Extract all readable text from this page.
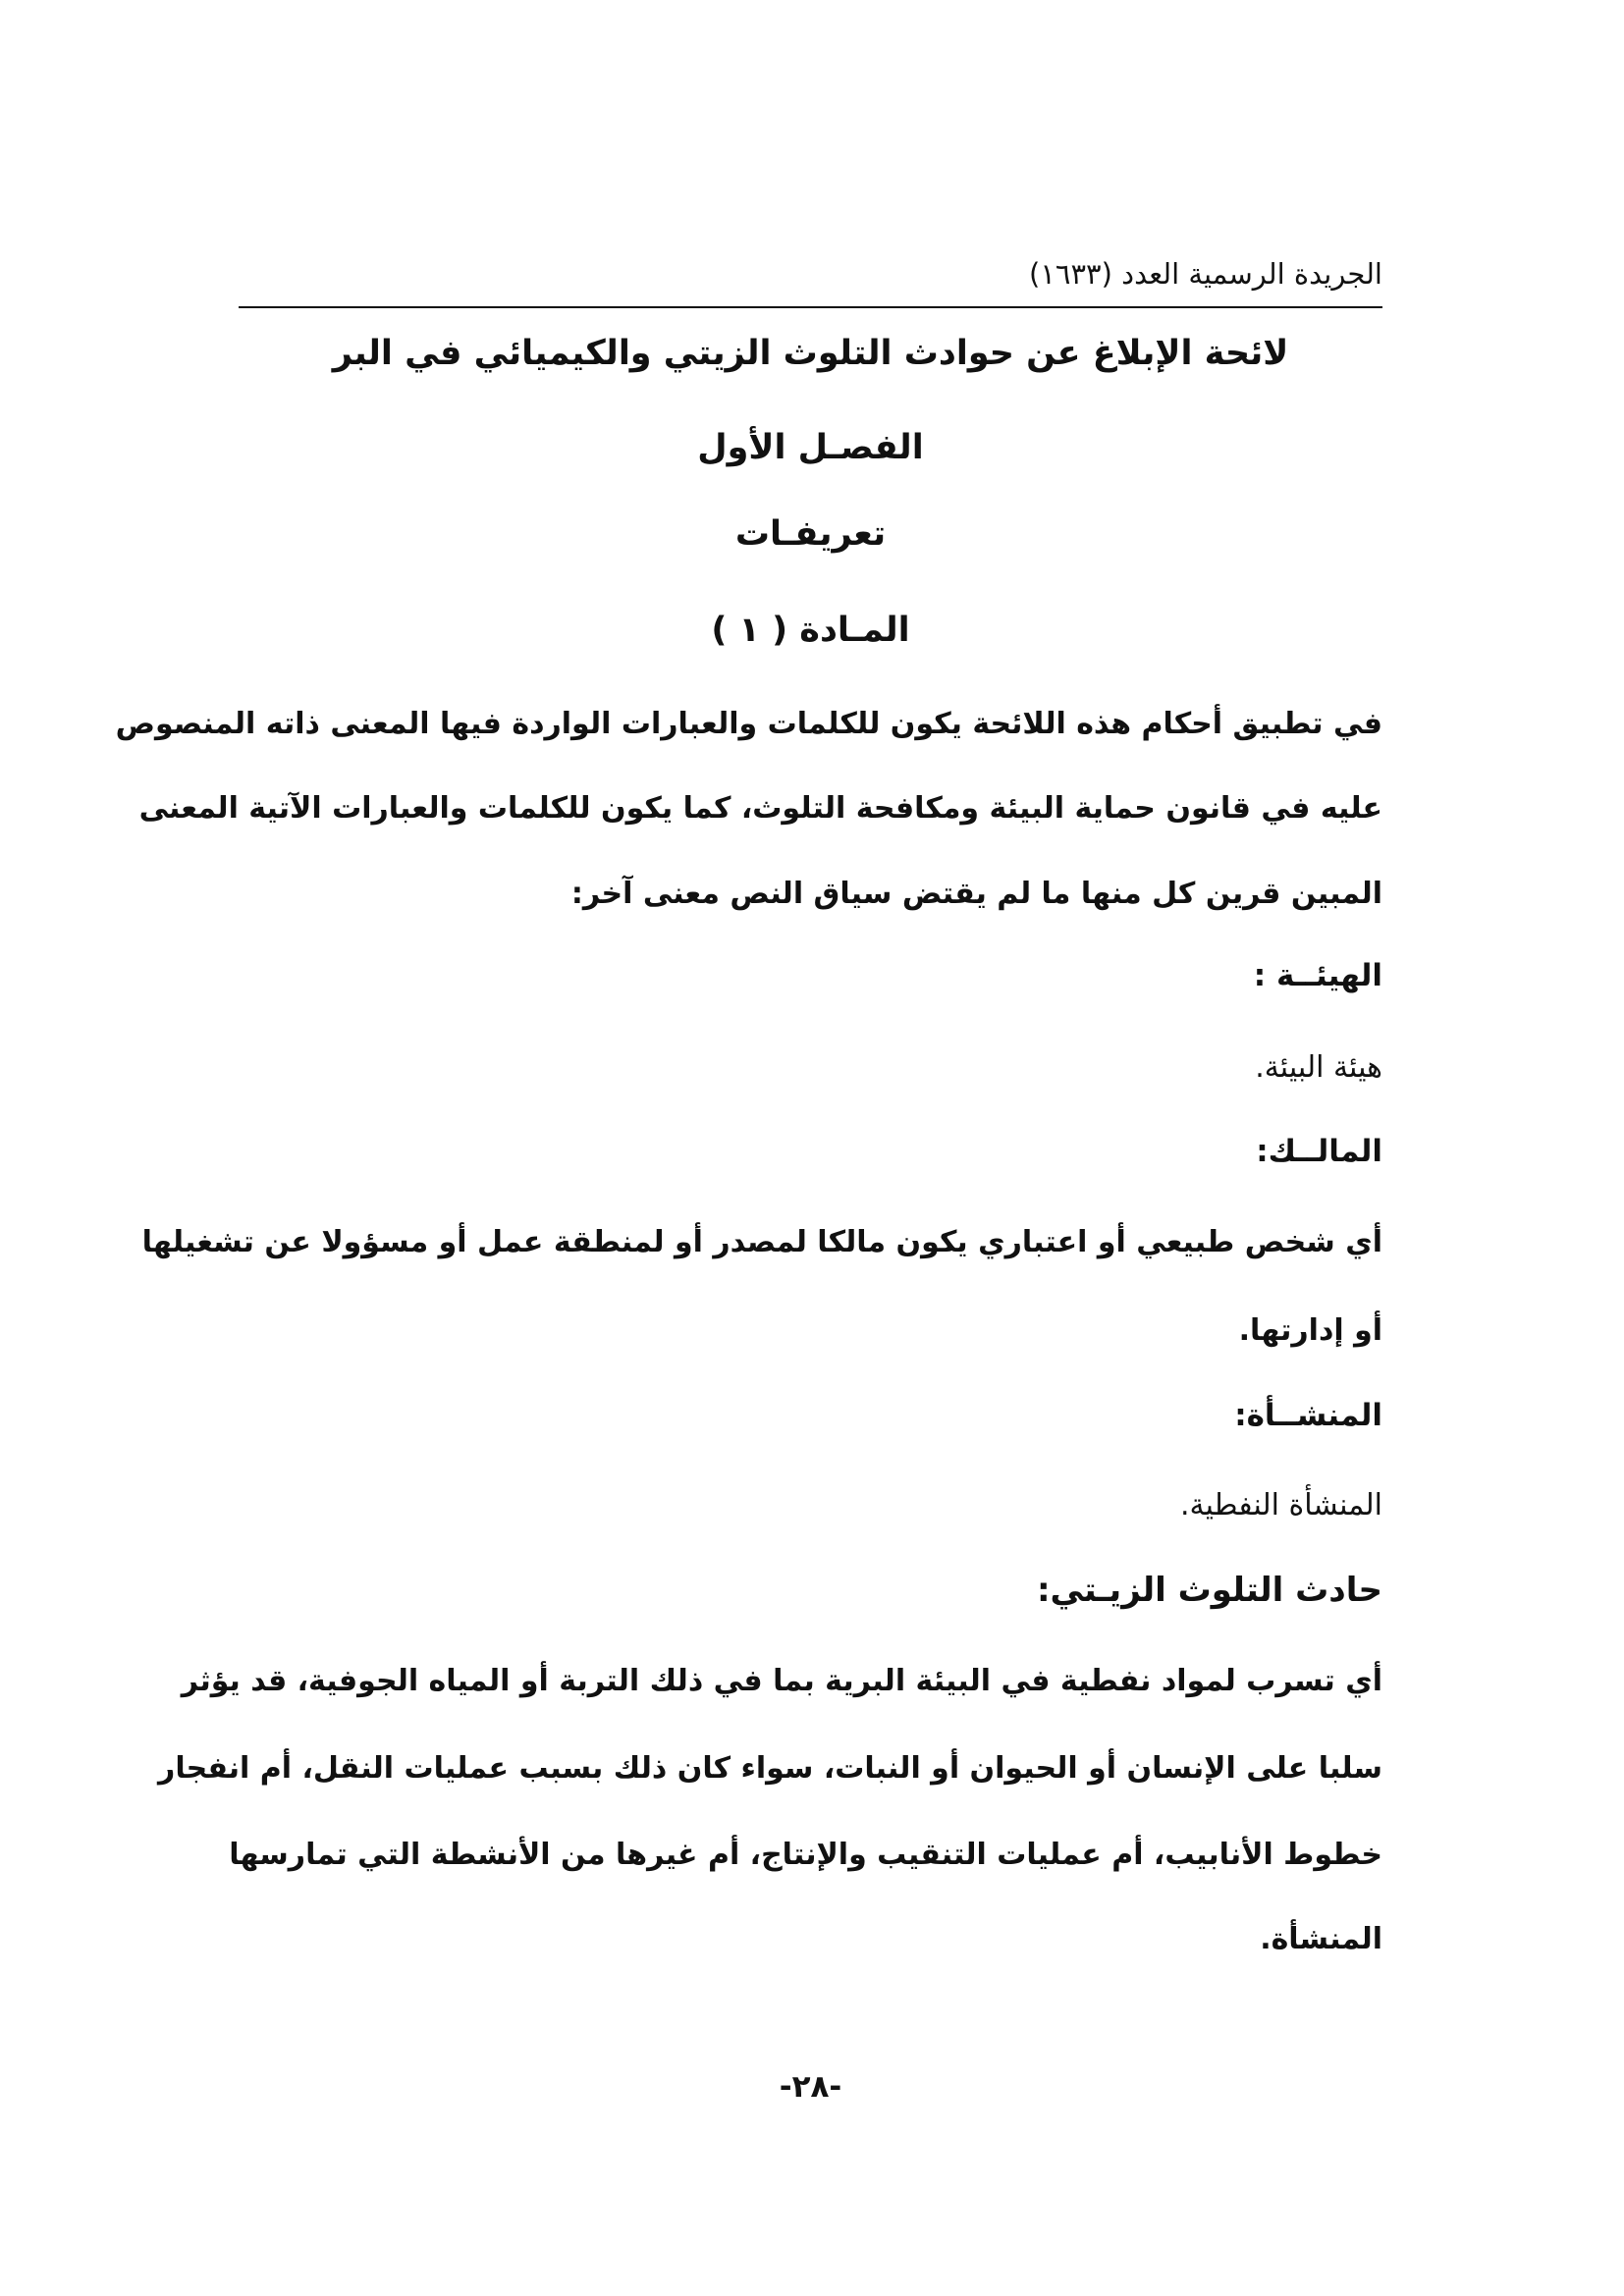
الجريدة الرسمية العدد (١٦٣٣)
لائحة الإبلاغ عن حوادث التلوث الزيتي والكيميائي في البر
الفصـل الأول
تعريفـات
المـادة ( ١ )
في تطبيق أحكام هذه اللائحة يكون للكلمات والعبارات الواردة فيها المعنى ذاته المنصوص
عليه في قانون حماية البيئة ومكافحة التلوث، كما يكون للكلمات والعبارات الآتية المعنى
المبين قرين كل منها ما لم يقتض سياق النص معنى آخر:
الهيئــة :
هيئة البيئة.
المالــك:
أي شخص طبيعي أو اعتباري يكون مالكا لمصدر أو لمنطقة عمل أو مسؤولا عن تشغيلها
أو إدارتها.
المنشــأة:
المنشأة النفطية.
حادث التلوث الزيـتي:
أي تسرب لمواد نفطية في البيئة البرية بما في ذلك التربة أو المياه الجوفية، قد يؤثر
سلبا على الإنسان أو الحيوان أو النبات، سواء كان ذلك بسبب عمليات النقل، أم انفجار
خطوط الأنابيب، أم عمليات التنقيب والإنتاج، أم غيرها من الأنشطة التي تمارسها
المنشأة.
-٢٨-
